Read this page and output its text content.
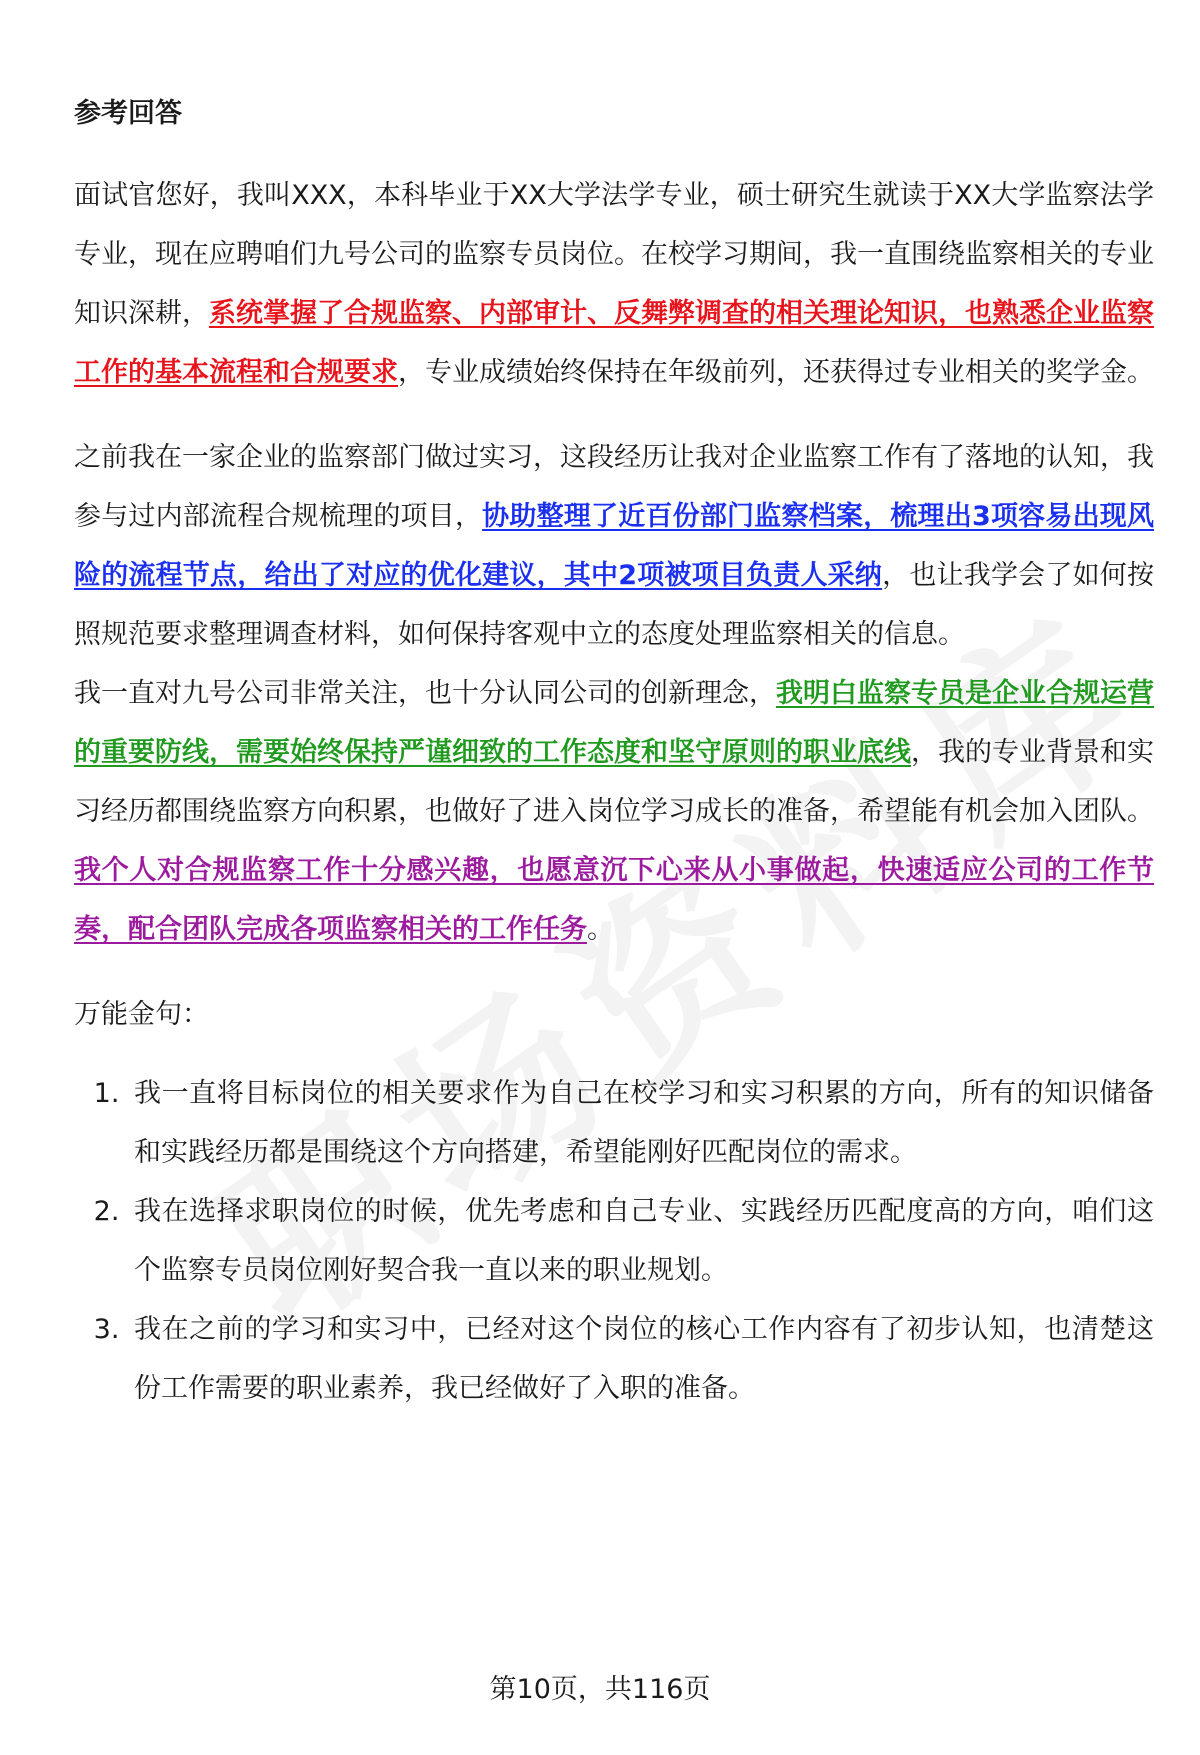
参考回答

面试官您好，我叫XXX，本科毕业于XX大学法学专业，硕士研究生就读于XX大学监察法学专业，现在应聘咱们九号公司的监察专员岗位。在校学习期间，我一直围绕监察相关的专业知识深耕，系统掌握了合规监察、内部审计、反舞弊调查的相关理论知识，也熟悉企业监察工作的基本流程和合规要求，专业成绩始终保持在年级前列，还获得过专业相关的奖学金。

之前我在一家企业的监察部门做过实习，这段经历让我对企业监察工作有了落地的认知，我参与过内部流程合规梳理的项目，协助整理了近百份部门监察档案，梳理出3项容易出现风险的流程节点，给出了对应的优化建议，其中2项被项目负责人采纳，也让我学会了如何按照规范要求整理调查材料，如何保持客观中立的态度处理监察相关的信息。

我一直对九号公司非常关注，也十分认同公司的创新理念，我明白监察专员是企业合规运营的重要防线，需要始终保持严谨细致的工作态度和坚守原则的职业底线，我的专业背景和实习经历都围绕监察方向积累，也做好了进入岗位学习成长的准备，希望能有机会加入团队。

我个人对合规监察工作十分感兴趣，也愿意沉下心来从小事做起，快速适应公司的工作节奏，配合团队完成各项监察相关的工作任务。

万能金句：
1. 我一直将目标岗位的相关要求作为自己在校学习和实习积累的方向，所有的知识储备和实践经历都是围绕这个方向搭建，希望能刚好匹配岗位的需求。
2. 我在选择求职岗位的时候，优先考虑和自己专业、实践经历匹配度高的方向，咱们这个监察专员岗位刚好契合我一直以来的职业规划。
3. 我在之前的学习和实习中，已经对这个岗位的核心工作内容有了初步认知，也清楚这份工作需要的职业素养，我已经做好了入职的准备。
第10页，共116页
